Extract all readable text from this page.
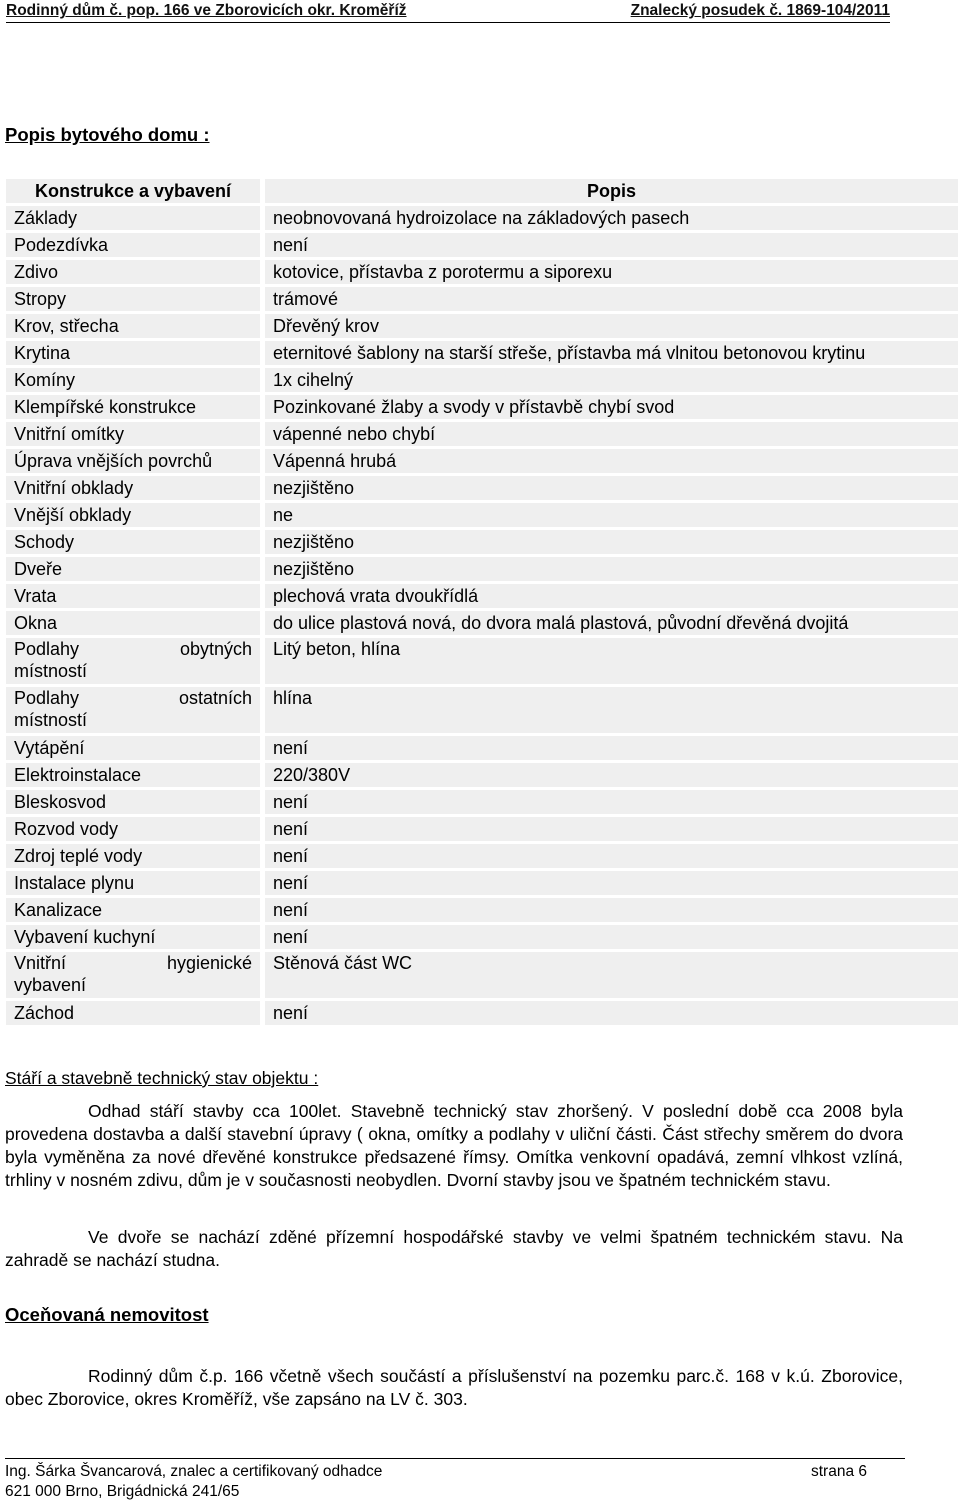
Rodinný dům č. pop. 166 ve Zborovicích okr. Kroměříž	Znalecký posudek č. 1869-104/2011
Popis bytového domu :
Konstrukce a vybavení		Popis
Základy		neobnovovaná hydroizolace na základových pasech
Podezdívka		není
Zdivo		kotovice, přístavba z porotermu a siporexu
Stropy		trámové
Krov, střecha		Dřevěný krov
Krytina		eternitové šablony na starší střeše, přístavba má vlnitou betonovou krytinu
Komíny		1x cihelný
Klempířské konstrukce		Pozinkované žlaby a svody v přístavbě chybí svod
Vnitřní omítky		vápenné nebo chybí
Úprava vnějších povrchů		Vápenná hrubá
Vnitřní obklady		nezjištěno
Vnější obklady		ne
Schody		nezjištěno
Dveře		nezjištěno
Vrata		plechová vrata dvoukřídlá
Okna		do ulice plastová nová, do dvora malá plastová, původní dřevěná dvojitá

Podlahy obytných
místností		Litý beton, hlína

Podlahy ostatních
místností		hlína
Vytápění		není
Elektroinstalace		220/380V
Bleskosvod		není
Rozvod vody		není
Zdroj teplé vody		není
Instalace plynu		není
Kanalizace		není
Vybavení kuchyní		není

Vnitřní hygienické
vybavení		Stěnová část WC
Záchod		není
Stáří a stavebně technický stav objektu :
Odhad stáří stavby cca 100let. Stavebně technický stav zhoršený. V poslední době cca 2008 byla provedena dostavba a další stavební úpravy ( okna, omítky a podlahy v uliční části. Část střechy směrem do dvora byla vyměněna za nové dřevěné konstrukce předsazené římsy. Omítka venkovní opadává, zemní vlhkost vzlíná, trhliny v nosném zdivu, dům je v současnosti neobydlen. Dvorní stavby jsou ve špatném technickém stavu.
Ve dvoře se nachází zděné přízemní hospodářské stavby ve velmi špatném technickém stavu. Na zahradě se nachází studna.
Oceňovaná nemovitost
Rodinný dům č.p. 166 včetně všech součástí a příslušenství na pozemku parc.č. 168 v k.ú. Zborovice, obec Zborovice, okres Kroměříž, vše zapsáno na LV č. 303.
Ing. Šárka Švancarová, znalec a certifikovaný odhadce
621 000 Brno, Brigádnická 241/65
strana 6
